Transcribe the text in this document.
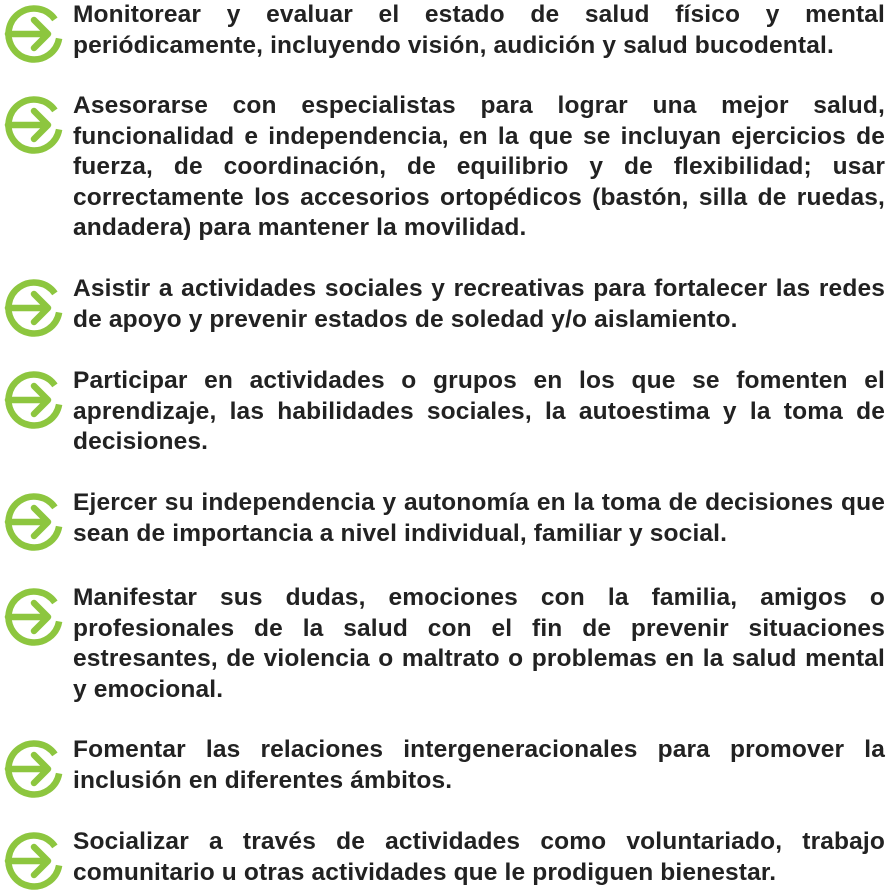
Monitorear y evaluar el estado de salud físico y mental periódicamente, incluyendo visión, audición y salud bucodental.

Asesorarse con especialistas para lograr una mejor salud, funcionalidad e independencia, en la que se incluyan ejercicios de fuerza, de coordinación, de equilibrio y de flexibilidad; usar correctamente los accesorios ortopédicos (bastón, silla de ruedas, andadera) para mantener la movilidad.

Asistir a actividades sociales y recreativas para fortalecer las redes de apoyo y prevenir estados de soledad y/o aislamiento.

Participar en actividades o grupos en los que se fomenten el aprendizaje, las habilidades sociales, la autoestima y la toma de decisiones.

Ejercer su independencia y autonomía en la toma de decisiones que sean de importancia a nivel individual, familiar y social.

Manifestar sus dudas, emociones con la familia, amigos o profesionales de la salud con el fin de prevenir situaciones estresantes, de violencia o maltrato o problemas en la salud mental y emocional.

Fomentar las relaciones intergeneracionales para promover la inclusión en diferentes ámbitos.

Socializar a través de actividades como voluntariado, trabajo comunitario u otras actividades que le prodiguen bienestar.
